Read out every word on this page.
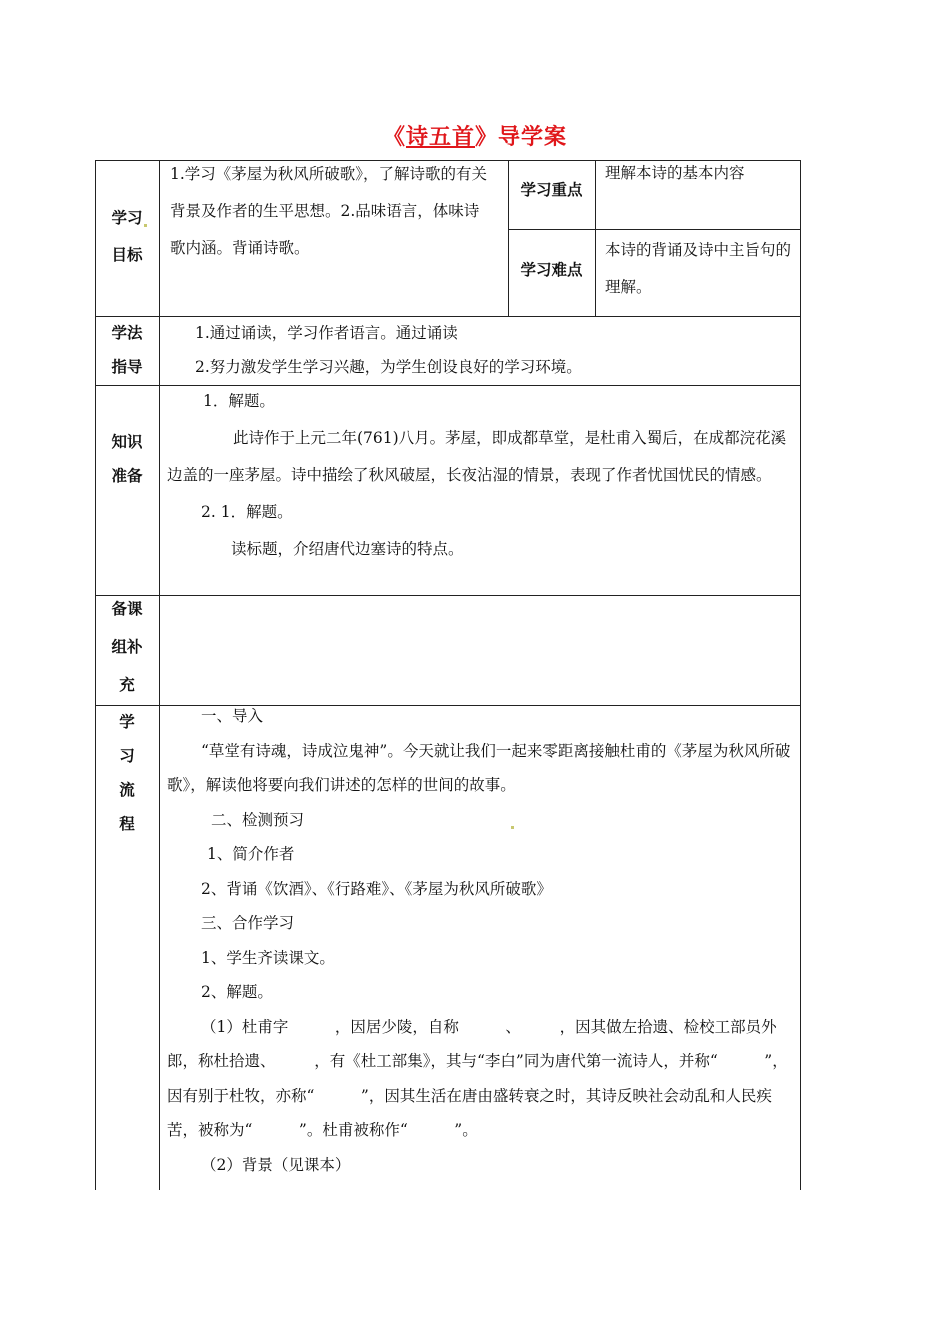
《诗五首》导学案
学习
目标

1.学习《茅屋为秋风所破歌》，了解诗歌的有关背景及作者的生平思想。2.品味语言，体味诗歌内涵。背诵诗歌。

学习重点
理解本诗的基本内容
学习难点
本诗的背诵及诗中主旨句的理解。
学法
指导

1.通过诵读，学习作者语言。通过诵读

2.努力激发学生学习兴趣，为学生创设良好的学习环境。

知识
准备

1．解题。

此诗作于上元二年(761)八月。茅屋，即成都草堂，是杜甫入蜀后，在成都浣花溪边盖的一座茅屋。诗中描绘了秋风破屋，长夜沾湿的情景，表现了作者忧国忧民的情感。

2. 1．解题。

读标题，介绍唐代边塞诗的特点。

备课
组补
充
学
习
流
程

一、导入

“草堂有诗魂，诗成泣鬼神”。今天就让我们一起来零距离接触杜甫的《茅屋为秋风所破歌》，解读他将要向我们讲述的怎样的世间的故事。

二、检测预习

1、简介作者

2、背诵《饮酒》、《行路难》、《茅屋为秋风所破歌》

三、合作学习

1、学生齐读课文。

2、解题。

（1）杜甫字　　　，因居少陵，自称　　　、　　　，因其做左拾遗、检校工部员外郎，称杜拾遗、　　　，有《杜工部集》，其与“李白”同为唐代第一流诗人，并称“　　　”，因有别于杜牧，亦称“　　　”，因其生活在唐由盛转衰之时，其诗反映社会动乱和人民疾苦，被称为“　　　”。杜甫被称作“　　　”。

（2）背景（见课本）
